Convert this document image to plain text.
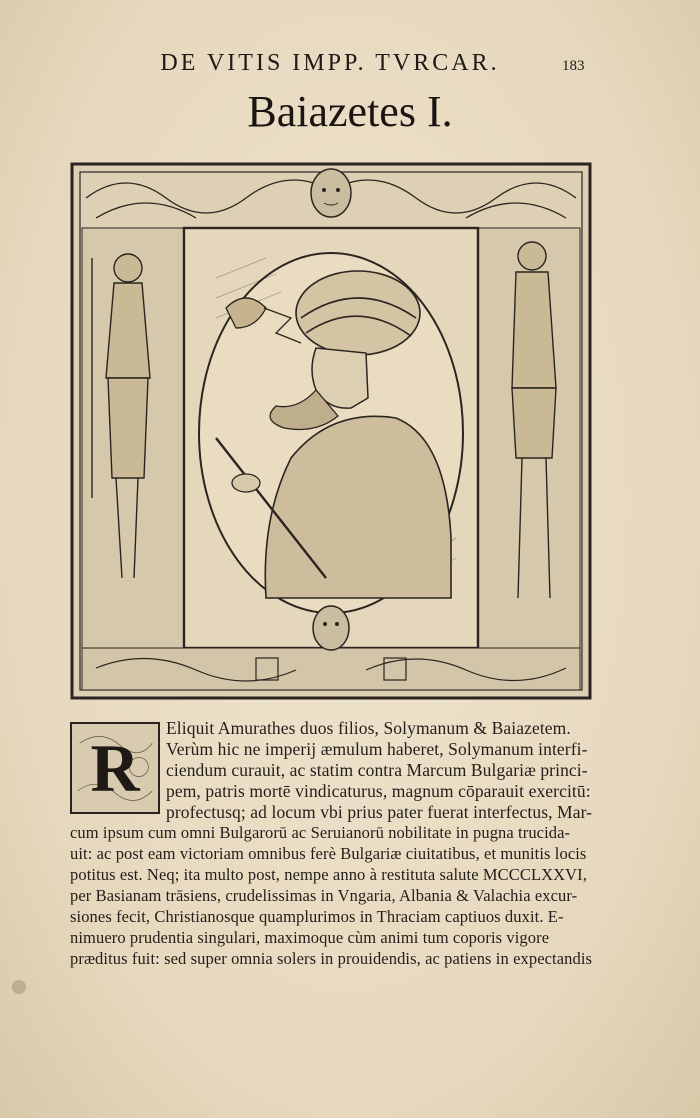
DE VITIS IMPP. TVRCAR.	183
Baiazetes I.
R
Eliquit Amurathes duos filios, Solymanum & Baiazetem.
Verùm hic ne imperij æmulum haberet, Solymanum interfi-
ciendum curauit, ac statim contra Marcum Bulgariæ princi-
pem, patris mortē vindicaturus, magnum cōparauit exercitū:
profectusq; ad locum vbi prius pater fuerat interfectus, Mar-
cum ipsum cum omni Bulgarorū ac Seruianorū nobilitate in pugna trucida-
uit: ac post eam victoriam omnibus ferè Bulgariæ ciuitatibus, et munitis locis
potitus est. Neq; ita multo post, nempe anno à restituta salute MCCCLXXVI,
per Basianam trāsiens, crudelissimas in Vngaria, Albania & Valachia excur-
siones fecit, Christianosque quamplurimos in Thraciam captiuos duxit. E-
nimuero prudentia singulari, maximoque cùm animi tum coporis vigore
præditus fuit: sed super omnia solers in prouidendis, ac patiens in expectandis
